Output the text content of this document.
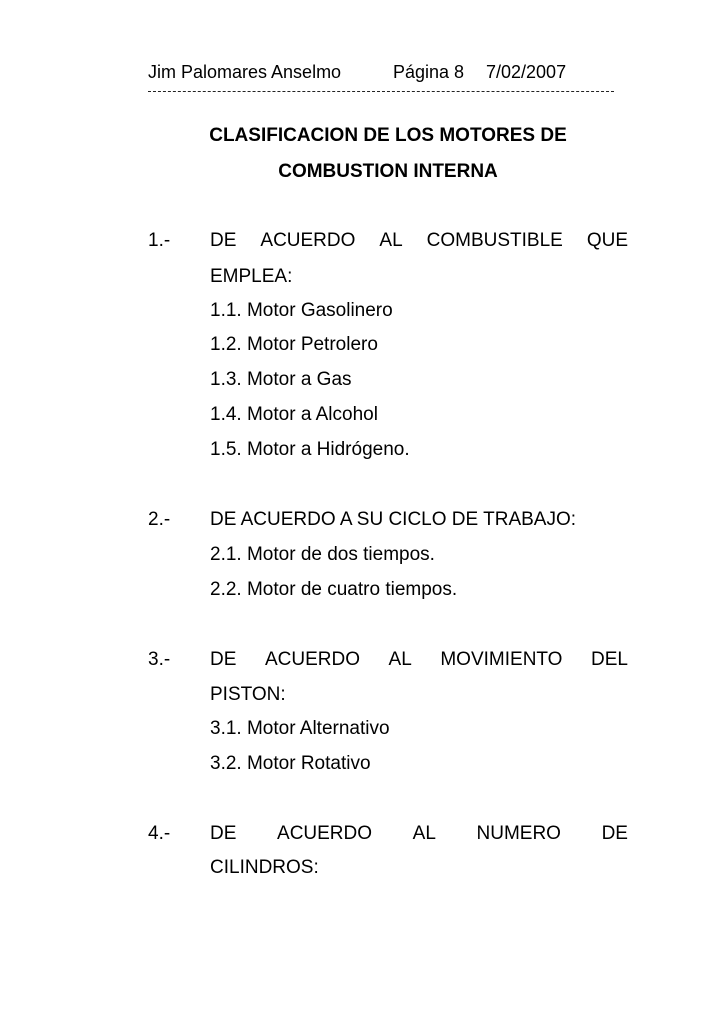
Jim Palomares Anselmo	Página 8 7/02/2007
CLASIFICACION DE LOS MOTORES DE
COMBUSTION INTERNA
1.- DE ACUERDO AL COMBUSTIBLE QUE
EMPLEA:
1.1. Motor Gasolinero
1.2. Motor Petrolero
1.3. Motor a Gas
1.4. Motor a Alcohol
1.5. Motor a Hidrógeno.
2.- DE ACUERDO A SU CICLO DE TRABAJO:
2.1. Motor de dos tiempos.
2.2. Motor de cuatro tiempos.
3.- DE ACUERDO AL MOVIMIENTO DEL
PISTON:
3.1. Motor Alternativo
3.2. Motor Rotativo
4.- DE ACUERDO AL NUMERO DE
CILINDROS:
